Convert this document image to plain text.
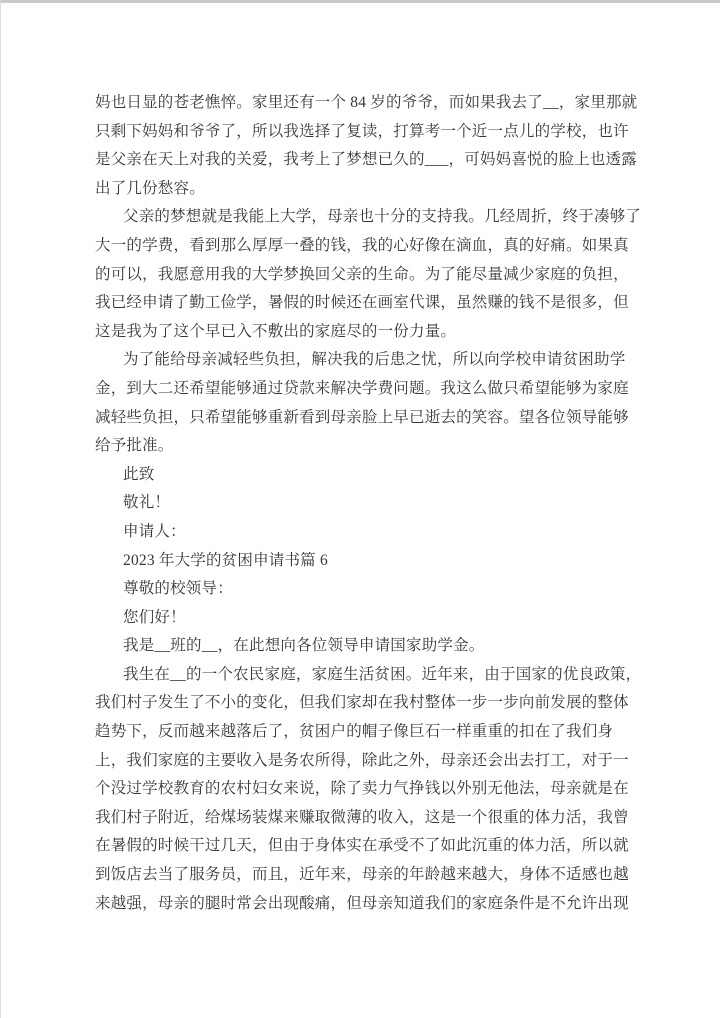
妈也日显的苍老憔悴。家里还有一个 84 岁的爷爷，而如果我去了__，家里那就
只剩下妈妈和爷爷了，所以我选择了复读，打算考一个近一点儿的学校，也许
是父亲在天上对我的关爱，我考上了梦想已久的___，可妈妈喜悦的脸上也透露
出了几份愁容。
父亲的梦想就是我能上大学，母亲也十分的支持我。几经周折，终于凑够了
大一的学费，看到那么厚厚一叠的钱，我的心好像在滴血，真的好痛。如果真
的可以，我愿意用我的大学梦换回父亲的生命。为了能尽量减少家庭的负担，
我已经申请了勤工俭学，暑假的时候还在画室代课，虽然赚的钱不是很多，但
这是我为了这个早已入不敷出的家庭尽的一份力量。
为了能给母亲减轻些负担，解决我的后患之忧，所以向学校申请贫困助学
金，到大二还希望能够通过贷款来解决学费问题。我这么做只希望能够为家庭
减轻些负担，只希望能够重新看到母亲脸上早已逝去的笑容。望各位领导能够
给予批准。
此致
敬礼！
申请人：
2023 年大学的贫困申请书篇 6
尊敬的校领导：
您们好！
我是__班的__，在此想向各位领导申请国家助学金。
我生在__的一个农民家庭，家庭生活贫困。近年来，由于国家的优良政策，
我们村子发生了不小的变化，但我们家却在我村整体一步一步向前发展的整体
趋势下，反而越来越落后了，贫困户的帽子像巨石一样重重的扣在了我们身
上，我们家庭的主要收入是务农所得，除此之外，母亲还会出去打工，对于一
个没过学校教育的农村妇女来说，除了卖力气挣钱以外别无他法，母亲就是在
我们村子附近，给煤场装煤来赚取微薄的收入，这是一个很重的体力活，我曾
在暑假的时候干过几天，但由于身体实在承受不了如此沉重的体力活，所以就
到饭店去当了服务员，而且，近年来，母亲的年龄越来越大，身体不适感也越
来越强，母亲的腿时常会出现酸痛，但母亲知道我们的家庭条件是不允许出现
